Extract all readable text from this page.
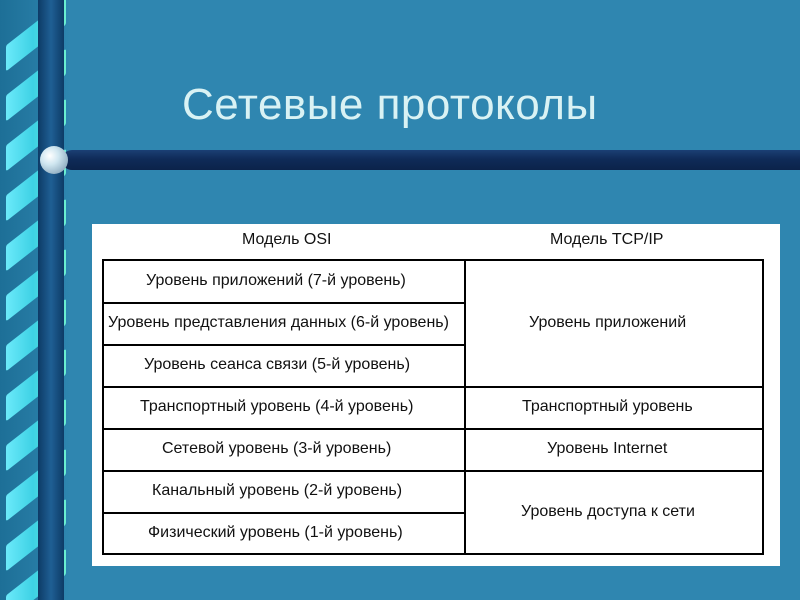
Сетевые протоколы
Модель OSI	Модель TCP/IP
Уровень приложений (7-й уровень)
Уровень представления данных (6-й уровень)
Уровень сеанса связи (5-й уровень)
Транспортный уровень (4-й уровень)
Сетевой уровень (3-й уровень)
Канальный уровень (2-й уровень)
Физический уровень (1-й уровень)
Уровень приложений
Транспортный уровень
Уровень Internet
Уровень доступа к сети
